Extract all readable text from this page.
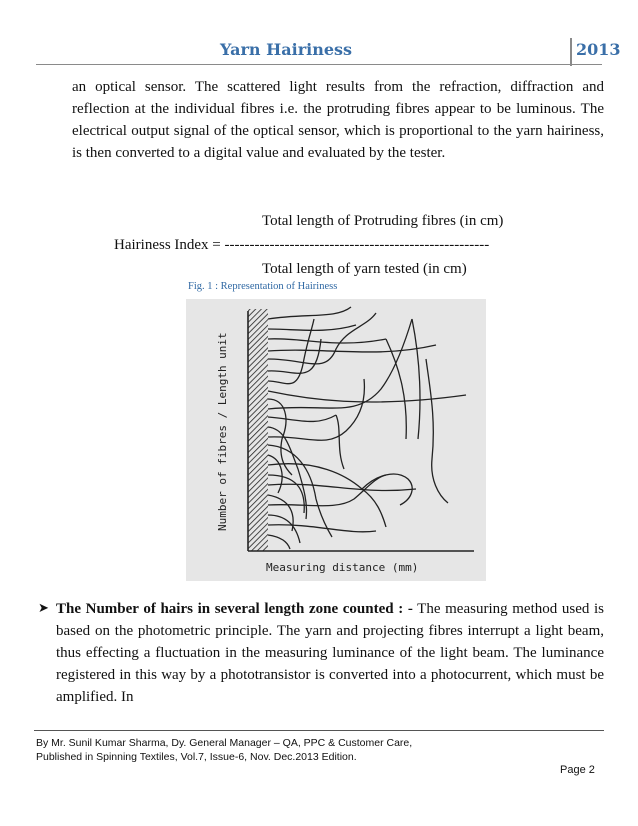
Yarn Hairiness	2013

an optical sensor. The scattered light results from the refraction, diffraction and reflection at the individual fibres i.e. the protruding fibres appear to be luminous. The electrical output signal of the optical sensor, which is proportional to the yarn hairiness, is then converted to a digital value and evaluated by the tester.

Total length of Protruding fibres (in cm)

Hairiness Index = -----------------------------------------------------

Total length of yarn tested (in cm)

Fig. 1 : Representation of Hairiness

Number of fibres / Length unit
Measuring distance (mm)
➤ The Number of hairs in several length zone counted : - The measuring method used is based on the photometric principle. The yarn and projecting fibres interrupt a light beam, thus effecting a fluctuation in the measuring luminance of the light beam. The luminance registered in this way by a phototransistor is converted into a photocurrent, which must be amplified. In

By Mr. Sunil Kumar Sharma, Dy. General Manager – QA, PPC & Customer Care,

Published in Spinning Textiles, Vol.7, Issue-6, Nov. Dec.2013 Edition.

Page 2
